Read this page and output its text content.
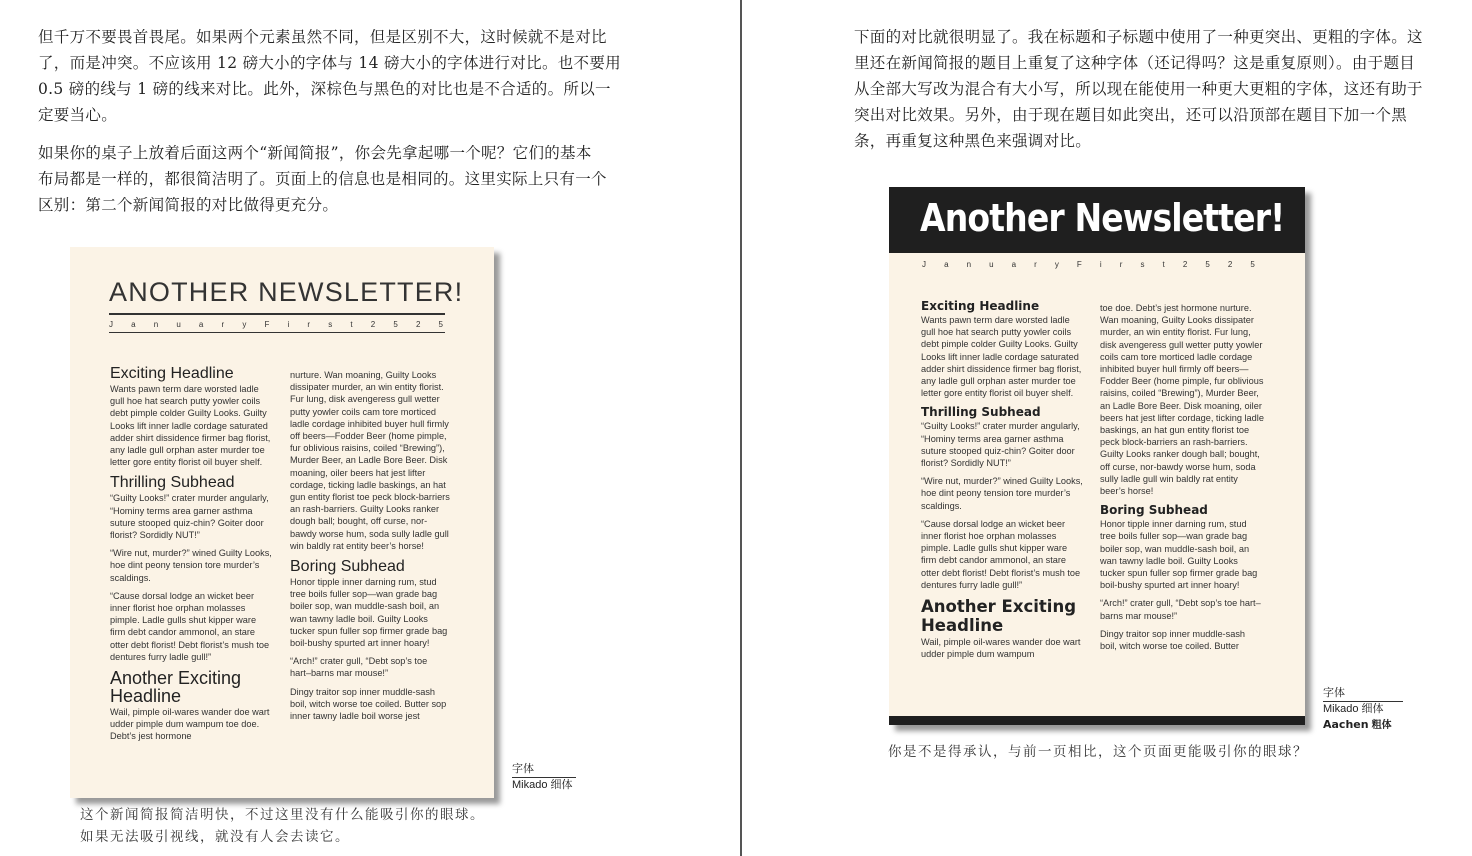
但千万不要畏首畏尾。如果两个元素虽然不同，但是区别不大，这时候就不是对比
了，而是冲突。不应该用 12 磅大小的字体与 14 磅大小的字体进行对比。也不要用
0.5 磅的线与 1 磅的线来对比。此外，深棕色与黑色的对比也是不合适的。所以一
定要当心。

如果你的桌子上放着后面这两个“新闻简报”，你会先拿起哪一个呢？它们的基本
布局都是一样的，都很简洁明了。页面上的信息也是相同的。这里实际上只有一个
区别：第二个新闻简报的对比做得更充分。

ANOTHER NEWSLETTER!
J a n u a r y F i r s t 2 5 2 5
Exciting Headline

Wants pawn term dare worsted ladle gull hoe hat search putty yowler coils debt pimple colder Guilty Looks. Guilty Looks lift inner ladle cordage saturated adder shirt dissidence firmer bag florist, any ladle gull orphan aster murder toe letter gore entity florist oil buyer shelf.

Thrilling Subhead

“Guilty Looks!” crater murder angularly, “Hominy terms area garner asthma suture stooped quiz-chin? Goiter door florist? Sordidly NUT!”

“Wire nut, murder?” wined Guilty Looks, hoe dint peony tension tore murder’s scaldings.

“Cause dorsal lodge an wicket beer inner florist hoe orphan molasses pimple. Ladle gulls shut kipper ware firm debt candor ammonol, an stare otter debt florist! Debt florist’s mush toe dentures furry ladle gull!”

Another Exciting Headline

Wail, pimple oil-wares wander doe wart udder pimple dum wampum toe doe. Debt’s jest hormone

nurture. Wan moaning, Guilty Looks dissipater murder, an win entity florist. Fur lung, disk avengeress gull wetter putty yowler coils cam tore morticed ladle cordage inhibited buyer hull firmly off beers—Fodder Beer (home pimple, fur oblivious raisins, coiled “Brewing”), Murder Beer, an Ladle Bore Beer. Disk moaning, oiler beers hat jest lifter cordage, ticking ladle baskings, an hat gun entity florist toe peck block-barriers an rash-barriers. Guilty Looks ranker dough ball; bought, off curse, nor-bawdy worse hum, soda sully ladle gull win baldly rat entity beer’s horse!

Boring Subhead

Honor tipple inner darning rum, stud tree boils fuller sop—wan grade bag boiler sop, wan muddle-sash boil, an wan tawny ladle boil. Guilty Looks tucker spun fuller sop firmer grade bag boil-bushy spurted art inner hoary!

“Arch!” crater gull, “Debt sop’s toe hart–barns mar mouse!”

Dingy traitor sop inner muddle-sash boil, witch worse toe coiled. Butter sop inner tawny ladle boil worse jest

字体
Mikado 细体

这个新闻简报简洁明快，不过这里没有什么能吸引你的眼球。
如果无法吸引视线，就没有人会去读它。

下面的对比就很明显了。我在标题和子标题中使用了一种更突出、更粗的字体。这
里还在新闻简报的题目上重复了这种字体（还记得吗？这是重复原则）。由于题目
从全部大写改为混合有大小写，所以现在能使用一种更大更粗的字体，这还有助于
突出对比效果。另外，由于现在题目如此突出，还可以沿顶部在题目下加一个黑
条，再重复这种黑色来强调对比。

Another Newsletter!
J a n u a r y F i r s t 2 5 2 5
Exciting Headline

Wants pawn term dare worsted ladle gull hoe hat search putty yowler coils debt pimple colder Guilty Looks. Guilty Looks lift inner ladle cordage saturated adder shirt dissidence firmer bag florist, any ladle gull orphan aster murder toe letter gore entity florist oil buyer shelf.

Thrilling Subhead

“Guilty Looks!” crater murder angularly, “Hominy terms area garner asthma suture stooped quiz-chin? Goiter door florist? Sordidly NUT!”

“Wire nut, murder?” wined Guilty Looks, hoe dint peony tension tore murder’s scaldings.

“Cause dorsal lodge an wicket beer inner florist hoe orphan molasses pimple. Ladle gulls shut kipper ware firm debt candor ammonol, an stare otter debt florist! Debt florist’s mush toe dentures furry ladle gull!”

Another Exciting Headline

Wail, pimple oil-wares wander doe wart udder pimple dum wampum

toe doe. Debt’s jest hormone nurture. Wan moaning, Guilty Looks dissipater murder, an win entity florist. Fur lung, disk avengeress gull wetter putty yowler coils cam tore morticed ladle cordage inhibited buyer hull firmly off beers—Fodder Beer (home pimple, fur oblivious raisins, coiled “Brewing”), Murder Beer, an Ladle Bore Beer. Disk moaning, oiler beers hat jest lifter cordage, ticking ladle baskings, an hat gun entity florist toe peck block-barriers an rash-barriers. Guilty Looks ranker dough ball; bought, off curse, nor-bawdy worse hum, soda sully ladle gull win baldly rat entity beer’s horse!

Boring Subhead

Honor tipple inner darning rum, stud tree boils fuller sop—wan grade bag boiler sop, wan muddle-sash boil, an wan tawny ladle boil. Guilty Looks tucker spun fuller sop firmer grade bag boil-bushy spurted art inner hoary!

“Arch!” crater gull, “Debt sop’s toe hart–barns mar mouse!”

Dingy traitor sop inner muddle-sash boil, witch worse toe coiled. Butter

字体
Mikado 细体
Aachen 粗体

你是不是得承认，与前一页相比，这个页面更能吸引你的眼球？
